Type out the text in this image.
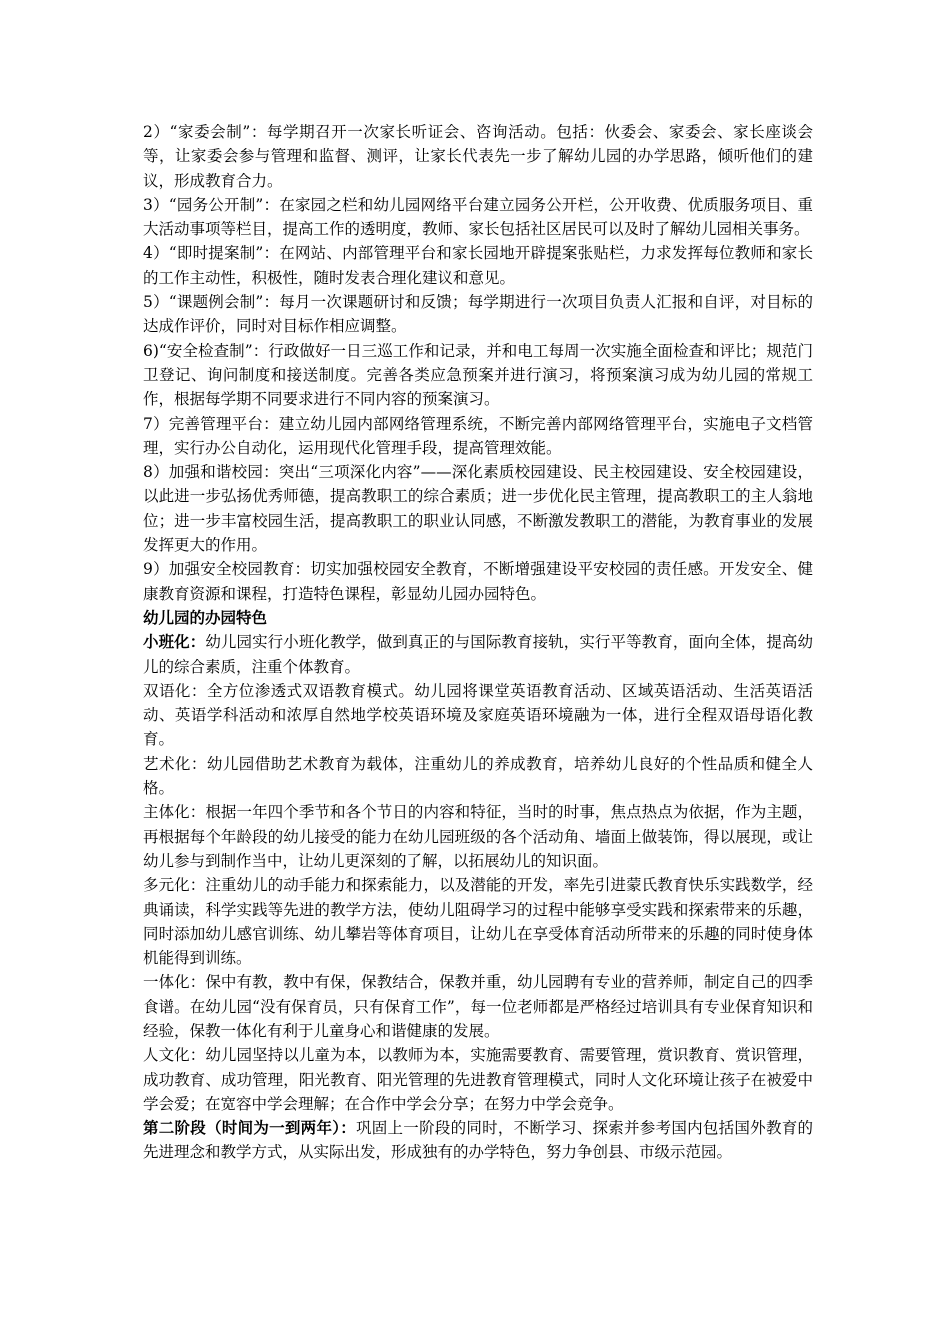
2）“家委会制”：每学期召开一次家长听证会、咨询活动。包括：伙委会、家委会、家长座谈会等，让家委会参与管理和监督、测评，让家长代表先一步了解幼儿园的办学思路，倾听他们的建议，形成教育合力。

3）“园务公开制”：在家园之栏和幼儿园网络平台建立园务公开栏，公开收费、优质服务项目、重大活动事项等栏目，提高工作的透明度，教师、家长包括社区居民可以及时了解幼儿园相关事务。

4）“即时提案制”：在网站、内部管理平台和家长园地开辟提案张贴栏，力求发挥每位教师和家长的工作主动性，积极性，随时发表合理化建议和意见。

5）“课题例会制”：每月一次课题研讨和反馈；每学期进行一次项目负责人汇报和自评，对目标的达成作评价，同时对目标作相应调整。

6)“安全检查制”：行政做好一日三巡工作和记录，并和电工每周一次实施全面检查和评比；规范门卫登记、询问制度和接送制度。完善各类应急预案并进行演习，将预案演习成为幼儿园的常规工作，根据每学期不同要求进行不同内容的预案演习。

7）完善管理平台：建立幼儿园内部网络管理系统，不断完善内部网络管理平台，实施电子文档管理，实行办公自动化，运用现代化管理手段，提高管理效能。

8）加强和谐校园：突出“三项深化内容”——深化素质校园建设、民主校园建设、安全校园建设，以此进一步弘扬优秀师德，提高教职工的综合素质；进一步优化民主管理，提高教职工的主人翁地位；进一步丰富校园生活，提高教职工的职业认同感，不断激发教职工的潜能，为教育事业的发展发挥更大的作用。

9）加强安全校园教育：切实加强校园安全教育，不断增强建设平安校园的责任感。开发安全、健康教育资源和课程，打造特色课程，彰显幼儿园办园特色。

幼儿园的办园特色

小班化：幼儿园实行小班化教学，做到真正的与国际教育接轨，实行平等教育，面向全体，提高幼儿的综合素质，注重个体教育。

双语化：全方位渗透式双语教育模式。幼儿园将课堂英语教育活动、区域英语活动、生活英语活动、英语学科活动和浓厚自然地学校英语环境及家庭英语环境融为一体，进行全程双语母语化教育。

艺术化：幼儿园借助艺术教育为载体，注重幼儿的养成教育，培养幼儿良好的个性品质和健全人格。

主体化：根据一年四个季节和各个节日的内容和特征，当时的时事，焦点热点为依据，作为主题，再根据每个年龄段的幼儿接受的能力在幼儿园班级的各个活动角、墙面上做装饰，得以展现，或让幼儿参与到制作当中，让幼儿更深刻的了解，以拓展幼儿的知识面。

多元化：注重幼儿的动手能力和探索能力，以及潜能的开发，率先引进蒙氏教育快乐实践数学，经典诵读，科学实践等先进的教学方法，使幼儿阻碍学习的过程中能够享受实践和探索带来的乐趣，同时添加幼儿感官训练、幼儿攀岩等体育项目，让幼儿在享受体育活动所带来的乐趣的同时使身体机能得到训练。

一体化：保中有教，教中有保，保教结合，保教并重，幼儿园聘有专业的营养师，制定自己的四季食谱。在幼儿园“没有保育员，只有保育工作”，每一位老师都是严格经过培训具有专业保育知识和经验，保教一体化有利于儿童身心和谐健康的发展。

人文化：幼儿园坚持以儿童为本，以教师为本，实施需要教育、需要管理，赏识教育、赏识管理，成功教育、成功管理，阳光教育、阳光管理的先进教育管理模式，同时人文化环境让孩子在被爱中学会爱；在宽容中学会理解；在合作中学会分享；在努力中学会竞争。

第二阶段（时间为一到两年）：巩固上一阶段的同时，不断学习、探索并参考国内包括国外教育的先进理念和教学方式，从实际出发，形成独有的办学特色，努力争创县、市级示范园。
